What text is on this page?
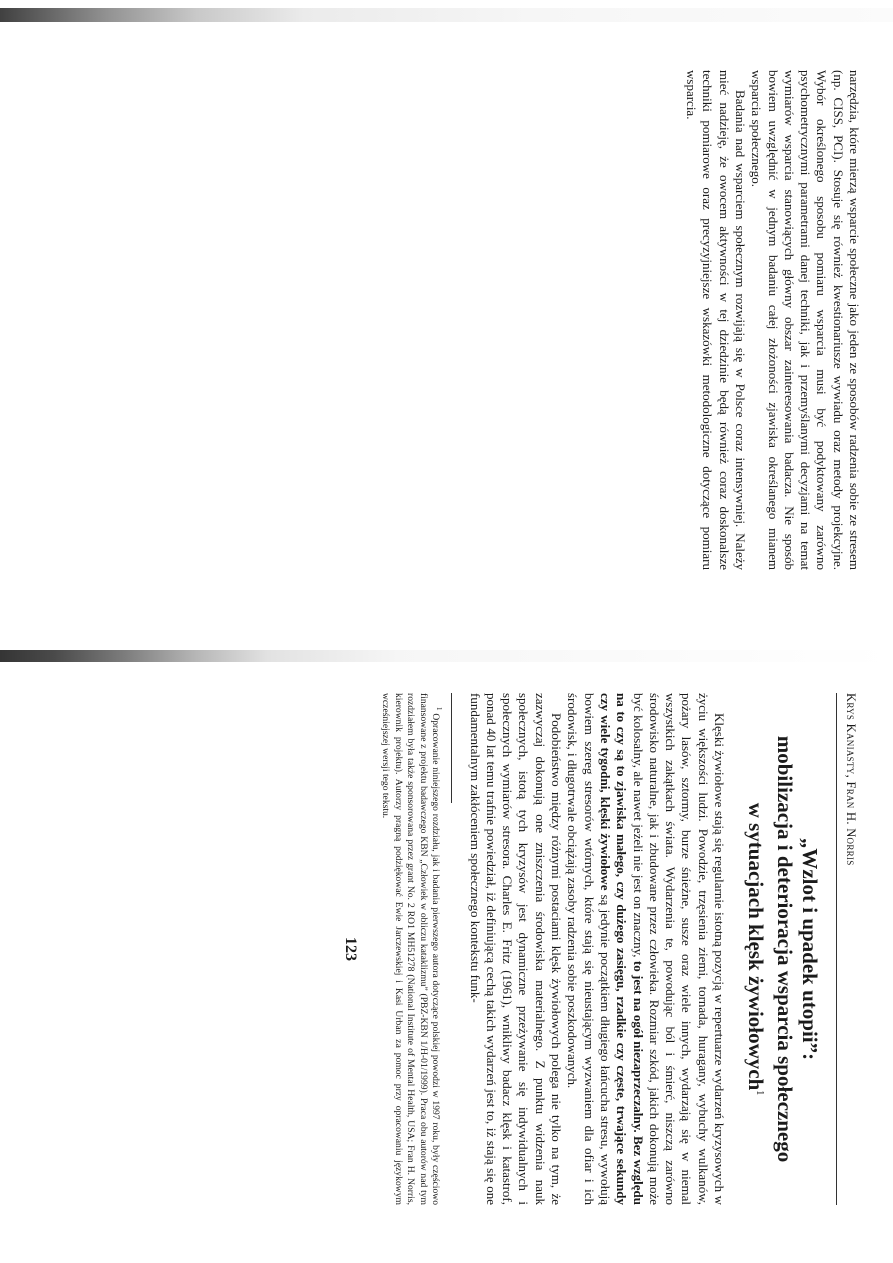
narzędzia, które mierzą wsparcie społeczne jako jeden ze sposobów radzenia sobie ze stresem (np. CISS, PCI). Stosuje się również kwestionariusze wywiadu oraz metody projekcyjne. Wybór określonego sposobu pomiaru wsparcia musi być podyktowany zarówno psychometrycznymi parametrami danej techniki, jak i przemyślanymi decyzjami na temat wymiarów wsparcia stanowiących główny obszar zainteresowania badacza. Nie sposób bowiem uwzględnić w jednym badaniu całej złożoności zjawiska określanego mianem wsparcia społecznego.

Badania nad wsparciem społecznym rozwijają się w Polsce coraz intensywniej. Należy mieć nadzieję, że owocem aktywności w tej dziedzinie będą również coraz doskonalsze techniki pomiarowe oraz precyzyjniejsze wskazówki metodologiczne dotyczące pomiaru wsparcia.

Krys Kaniasty, Fran H. Norris
„Wzlot i upadek utopii”:
mobilizacja i deterioracja wsparcia społecznego
w sytuacjach klęsk żywiołowych$^1$

Klęski żywiołowe stają się regularnie istotną pozycją w repertuarze wydarzeń kryzysowych w życiu większości ludzi. Powodzie, trzęsienia ziemi, tornada, huragany, wybuchy wulkanów, pożary lasów, sztormy, burze śnieżne, susze oraz wiele innych, wydarzają się w niemal wszystkich zakątkach świata. Wydarzenia te, powodując ból i śmierć, niszczą zarówno środowisko naturalne, jak i zbudowane przez człowieka. Rozmiar szkód, jakich dokonują może być kolosalny, ale nawet jeżeli nie jest on znaczny, to jest na ogół niezaprzeczalny. Bez względu na to czy są to zjawiska małego, czy dużego zasięgu, rzadkie czy częste, trwające sekundy czy wiele tygodni, klęski żywiołowe są jedynie początkiem długiego łańcucha stresu, wywołują bowiem szereg stresorów wtórnych, które stają się nieustającym wyzwaniem dla ofiar i ich środowisk, i długotrwale obciążają zasoby radzenia sobie poszkodowanych.

Podobieństwo między różnymi postaciami klęsk żywiołowych polega nie tylko na tym, że zazwyczaj dokonują one zniszczenia środowiska materialnego. Z punktu widzenia nauk społecznych, istotą tych kryzysów jest dynamiczne przeżywanie się indywidualnych i społecznych wymiarów stresora. Charles E. Fritz (1961), wnikliwy badacz klęsk i katastrof, ponad 40 lat temu trafnie powiedział, iż definiującą cechą takich wydarzeń jest to, iż stają się one fundamentalnym zakłóceniem społecznego kontekstu funk-

$^1$ Opracowanie niniejszego rozdziału, jak i badania pierwszego autora dotyczące polskiej powodzi w 1997 roku, były częściowo finansowane z projektu badawczego KBN „Człowiek w obliczu kataklizmu” (PBZ-KBN 1/H-01/1999). Praca obu autorów nad tym rozdziałem była także sponsorowana przez grant No. 2 RO1 MH51278 (National Institute of Mental Health, USA; Fran H. Norris, kierownik projektu). Autorzy pragną podziękować Ewie Jarczewskiej i Kasi Urban za pomoc przy opracowaniu językowym wcześniejszej wersji tego tekstu.

123
